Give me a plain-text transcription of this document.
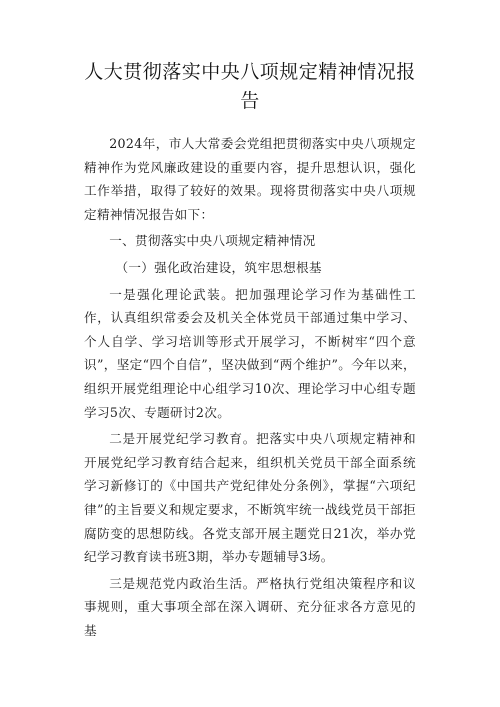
人大贯彻落实中央八项规定精神情况报告
2024年，市人大常委会党组把贯彻落实中央八项规定精神作为党风廉政建设的重要内容，提升思想认识，强化工作举措，取得了较好的效果。现将贯彻落实中央八项规定精神情况报告如下：
一、贯彻落实中央八项规定精神情况
（一）强化政治建设，筑牢思想根基
一是强化理论武装。把加强理论学习作为基础性工作，认真组织常委会及机关全体党员干部通过集中学习、个人自学、学习培训等形式开展学习，不断树牢“四个意识”，坚定“四个自信”，坚决做到“两个维护”。今年以来，组织开展党组理论中心组学习10次、理论学习中心组专题学习5次、专题研讨2次。
二是开展党纪学习教育。把落实中央八项规定精神和开展党纪学习教育结合起来，组织机关党员干部全面系统学习新修订的《中国共产党纪律处分条例》，掌握“六项纪律”的主旨要义和规定要求，不断筑牢统一战线党员干部拒腐防变的思想防线。各党支部开展主题党日21次，举办党纪学习教育读书班3期，举办专题辅导3场。
三是规范党内政治生活。严格执行党组决策程序和议事规则，重大事项全部在深入调研、充分征求各方意见的基
